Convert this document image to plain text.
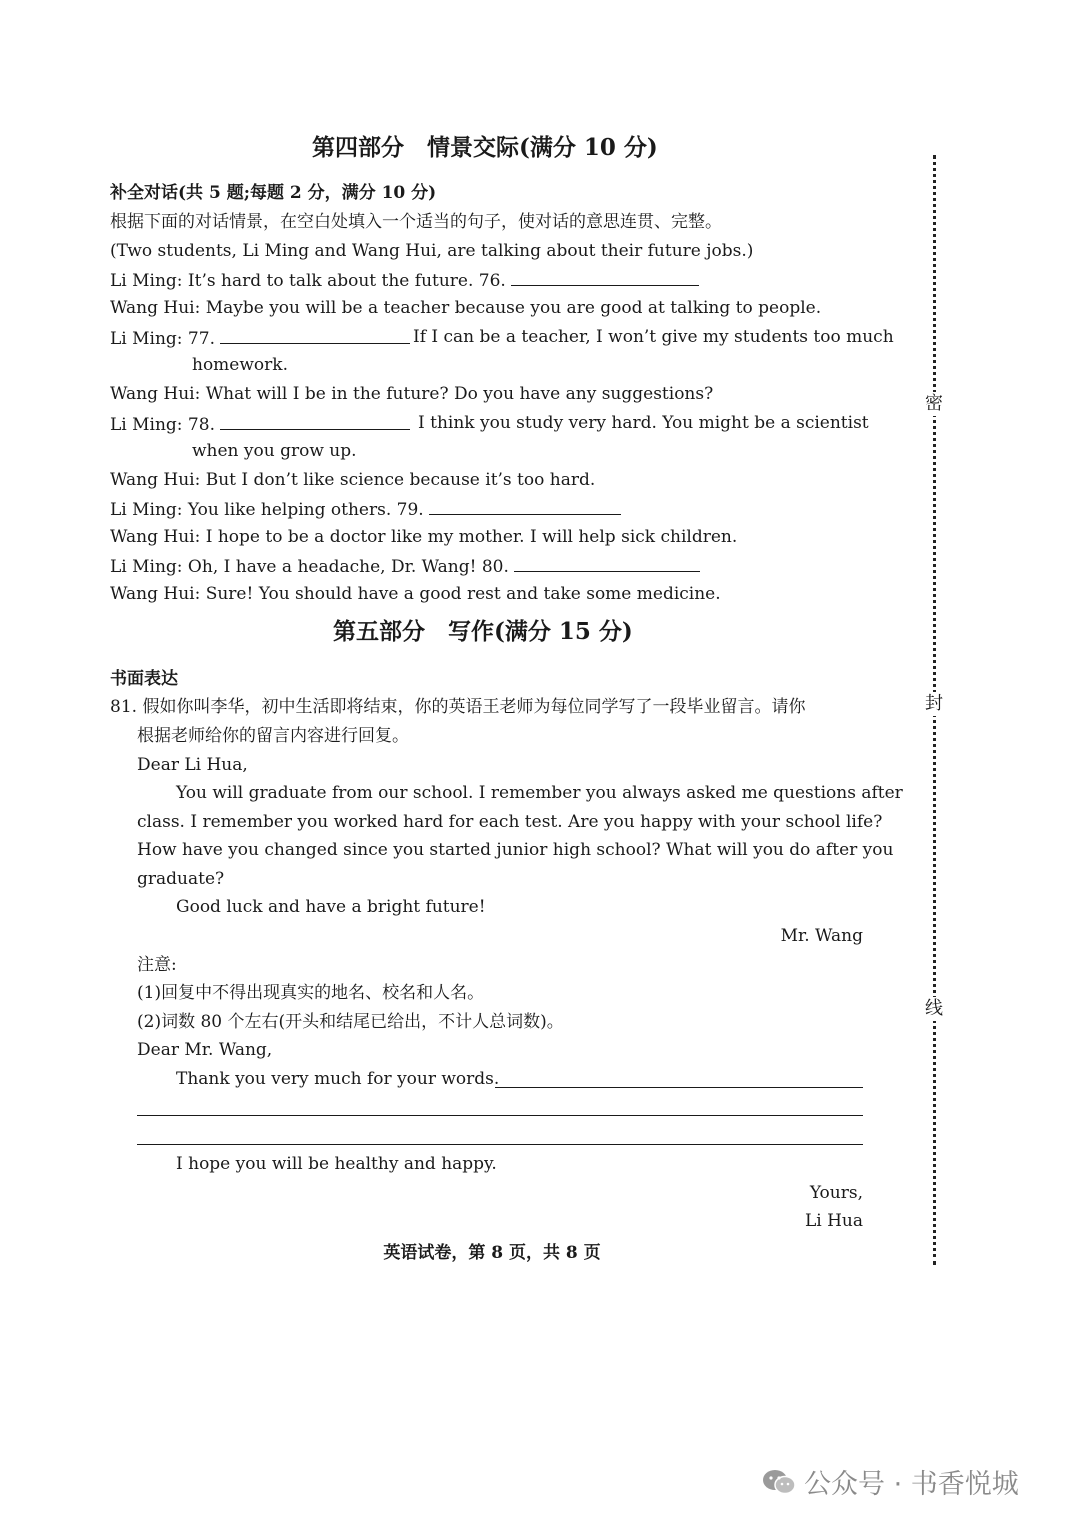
第四部分　情景交际(满分 10 分)
补全对话(共 5 题;每题 2 分，满分 10 分)
根据下面的对话情景，在空白处填入一个适当的句子，使对话的意思连贯、完整。
(Two students, Li Ming and Wang Hui, are talking about their future jobs.)
Li Ming: It’s hard to talk about the future. 76.
Wang Hui: Maybe you will be a teacher because you are good at talking to people.
Li Ming: 77.	If I can be a teacher, I won’t give my students too much
homework.
Wang Hui: What will I be in the future? Do you have any suggestions?
Li Ming: 78.	I think you study very hard. You might be a scientist
when you grow up.
Wang Hui: But I don’t like science because it’s too hard.
Li Ming: You like helping others. 79.
Wang Hui: I hope to be a doctor like my mother. I will help sick children.
Li Ming: Oh, I have a headache, Dr. Wang! 80.
Wang Hui: Sure! You should have a good rest and take some medicine.
第五部分　写作(满分 15 分)
书面表达
81. 假如你叫李华，初中生活即将结束，你的英语王老师为每位同学写了一段毕业留言。请你
根据老师给你的留言内容进行回复。
Dear Li Hua,
You will graduate from our school. I remember you always asked me questions after
class. I remember you worked hard for each test. Are you happy with your school life?
How have you changed since you started junior high school? What will you do after you
graduate?
Good luck and have a bright future!
Mr. Wang
注意:
(1)回复中不得出现真实的地名、校名和人名。
(2)词数 80 个左右(开头和结尾已给出，不计人总词数)。
Dear Mr. Wang,
Thank you very much for your words.
I hope you will be healthy and happy.
Yours,
Li Hua
英语试卷，第 8 页，共 8 页
密
封
线
公众号 · 书香悦城
